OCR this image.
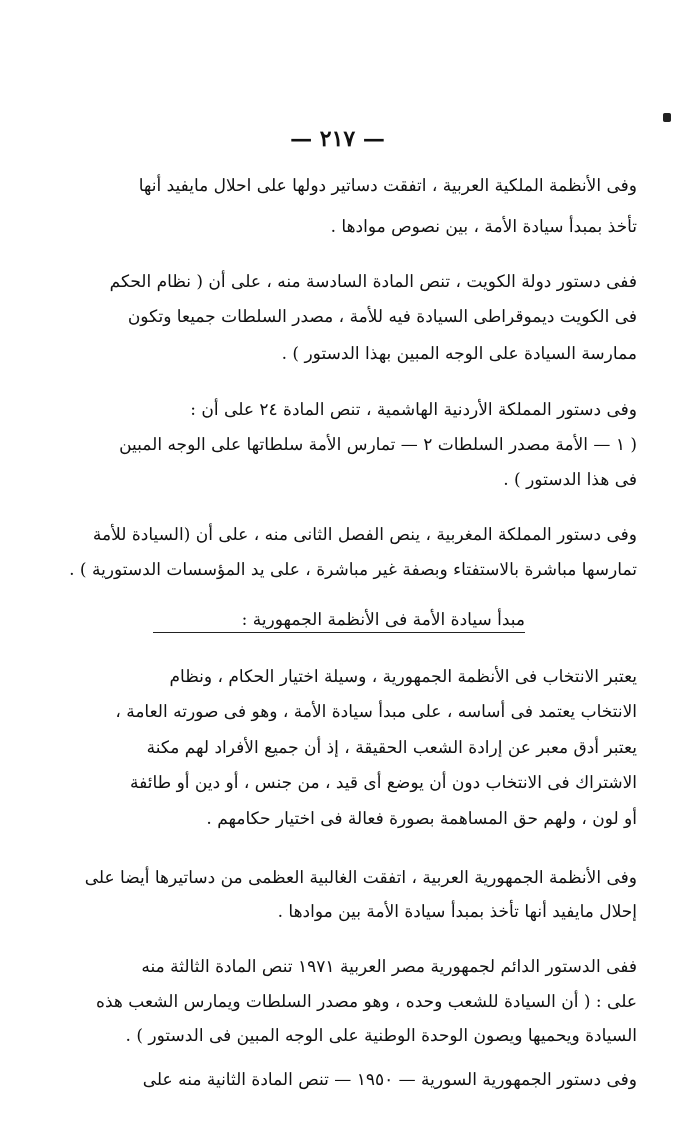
— ٢١٧ —
وفى الأنظمة الملكية العربية ، اتفقت دساتير دولها على احلال مايفيد أنها
تأخذ بمبدأ سيادة الأمة ، بين نصوص موادها .
ففى دستور دولة الكويت ، تنص المادة السادسة منه ، على أن ( نظام الحكم
فى الكويت ديموقراطى السيادة فيه للأمة ، مصدر السلطات جميعا وتكون
ممارسة السيادة على الوجه المبين بهذا الدستور ) .
وفى دستور المملكة الأردنية الهاشمية ، تنص المادة ٢٤ على أن :
( ١ — الأمة مصدر السلطات ٢ — تمارس الأمة سلطاتها على الوجه المبين
فى هذا الدستور ) .
وفى دستور المملكة المغربية ، ينص الفصل الثانى منه ، على أن (السيادة للأمة
تمارسها مباشرة بالاستفتاء وبصفة غير مباشرة ، على يد المؤسسات الدستورية ) .
مبدأ سيادة الأمة فى الأنظمة الجمهورية :
يعتبر الانتخاب فى الأنظمة الجمهورية ، وسيلة اختيار الحكام ، ونظام
الانتخاب يعتمد فى أساسه ، على مبدأ سيادة الأمة ، وهو فى صورته العامة ،
يعتبر أدق معبر عن إرادة الشعب الحقيقة ، إذ أن جميع الأفراد لهم مكنة
الاشتراك فى الانتخاب دون أن يوضع أى قيد ، من جنس ، أو دين أو طائفة
أو لون ، ولهم حق المساهمة بصورة فعالة فى اختيار حكامهم .
وفى الأنظمة الجمهورية العربية ، اتفقت الغالبية العظمى من دساتيرها أيضا على
إحلال مايفيد أنها تأخذ بمبدأ سيادة الأمة بين موادها .
ففى الدستور الدائم لجمهورية مصر العربية ١٩٧١ تنص المادة الثالثة منه
على : ( أن السيادة للشعب وحده ، وهو مصدر السلطات ويمارس الشعب هذه
السيادة ويحميها ويصون الوحدة الوطنية على الوجه المبين فى الدستور ) .
وفى دستور الجمهورية السورية — ١٩٥٠ — تنص المادة الثانية منه على
